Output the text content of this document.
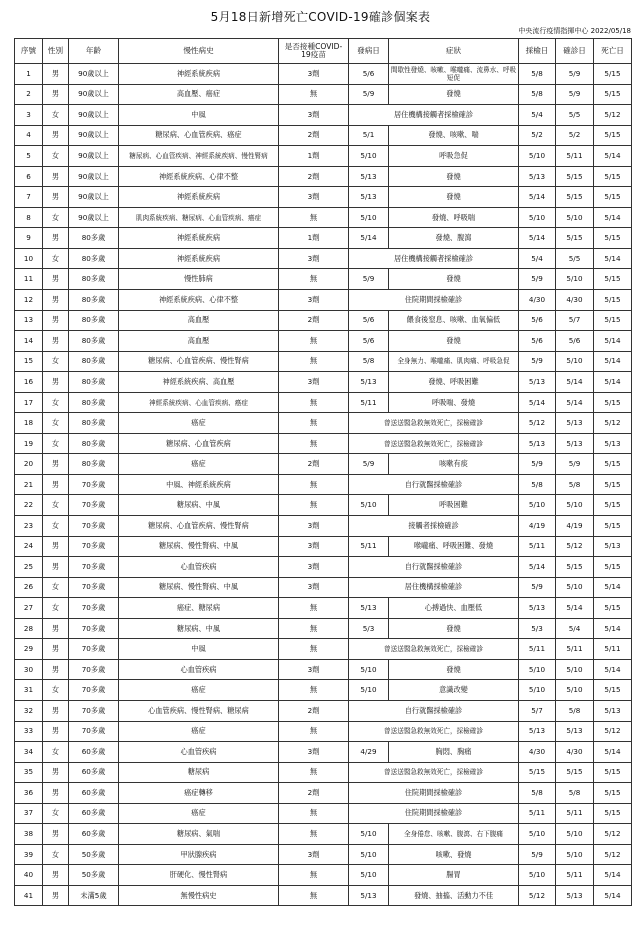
5月18日新增死亡COVID-19確診個案表
中央流行疫情指揮中心 2022/05/18
序號	性別	年齡	慢性病史	是否接種COVID-19疫苗	發病日	症狀	採檢日	確診日	死亡日
1	男	90歲以上	神經系統疾病	3劑	5/6	間歇性發燒、咳嗽、喉嚨痛、流鼻水、呼吸短促	5/8	5/9	5/15
2	男	90歲以上	高血壓、癌症	無	5/9	發燒	5/8	5/9	5/15
3	女	90歲以上	中風	3劑	居住機構接觸者採檢確診		5/4	5/5	5/12
4	男	90歲以上	糖尿病、心血管疾病、癌症	2劑	5/1	發燒、咳嗽、喘	5/2	5/2	5/15
5	女	90歲以上	糖尿病、心血管疾病、神經系統疾病、慢性腎病	1劑	5/10	呼吸急促	5/10	5/11	5/14
6	男	90歲以上	神經系統疾病、心律不整	2劑	5/13	發燒	5/13	5/15	5/15
7	男	90歲以上	神經系統疾病	3劑	5/13	發燒	5/14	5/15	5/15
8	女	90歲以上	肌肉系統疾病、糖尿病、心血管疾病、癌症	無	5/10	發燒、呼吸喘	5/10	5/10	5/14
9	男	80多歲	神經系統疾病	1劑	5/14	發燒、腹瀉	5/14	5/15	5/15
10	女	80多歲	神經系統疾病	3劑	居住機構接觸者採檢確診		5/4	5/5	5/14
11	男	80多歲	慢性肺病	無	5/9	發燒	5/9	5/10	5/15
12	男	80多歲	神經系統疾病、心律不整	3劑	住院期間採檢確診		4/30	4/30	5/15
13	男	80多歲	高血壓	2劑	5/6	餵食後窒息、咳嗽、血氧偏低	5/6	5/7	5/15
14	男	80多歲	高血壓	無	5/6	發燒	5/6	5/6	5/14
15	女	80多歲	糖尿病、心血管疾病、慢性腎病	無	5/8	全身無力、喉嚨痛、肌肉痛、呼吸急促	5/9	5/10	5/14
16	男	80多歲	神經系統疾病、高血壓	3劑	5/13	發燒、呼吸困難	5/13	5/14	5/14
17	女	80多歲	神經系統疾病、心血管疾病、癌症	無	5/11	呼吸喘、發燒	5/14	5/14	5/15
18	女	80多歲	癌症	無	曾送送醫急救無效死亡，採檢確診		5/12	5/13	5/12
19	女	80多歲	糖尿病、心血管疾病	無	曾送送醫急救無效死亡，採檢確診		5/13	5/13	5/13
20	男	80多歲	癌症	2劑	5/9	咳嗽有痰	5/9	5/9	5/15
21	男	70多歲	中風、神經系統疾病	無	自行就醫採檢確診		5/8	5/8	5/15
22	女	70多歲	糖尿病、中風	無	5/10	呼吸困難	5/10	5/10	5/15
23	女	70多歲	糖尿病、心血管疾病、慢性腎病	3劑	接觸者採檢確診		4/19	4/19	5/15
24	男	70多歲	糖尿病、慢性腎病、中風	3劑	5/11	喉嚨痛、呼吸困難、發燒	5/11	5/12	5/13
25	男	70多歲	心血管疾病	3劑	自行就醫採檢確診		5/14	5/15	5/15
26	女	70多歲	糖尿病、慢性腎病、中風	3劑	居住機構採檢確診		5/9	5/10	5/14
27	女	70多歲	癌症、糖尿病	無	5/13	心搏過快、血壓低	5/13	5/14	5/15
28	男	70多歲	糖尿病、中風	無	5/3	發燒	5/3	5/4	5/14
29	男	70多歲	中風	無	曾送送醫急救無效死亡，採檢確診		5/11	5/11	5/11
30	男	70多歲	心血管疾病	3劑	5/10	發燒	5/10	5/10	5/14
31	女	70多歲	癌症	無	5/10	意識改變	5/10	5/10	5/15
32	男	70多歲	心血管疾病、慢性腎病、糖尿病	2劑	自行就醫採檢確診		5/7	5/8	5/13
33	男	70多歲	癌症	無	曾送送醫急救無效死亡，採檢確診		5/13	5/13	5/12
34	女	60多歲	心血管疾病	3劑	4/29	胸悶、胸痛	4/30	4/30	5/14
35	男	60多歲	糖尿病	無	曾送送醫急救無效死亡，採檢確診		5/15	5/15	5/15
36	男	60多歲	癌症轉移	2劑	住院期間採檢確診		5/8	5/8	5/15
37	女	60多歲	癌症	無	住院期間採檢確診		5/11	5/11	5/15
38	男	60多歲	糖尿病、氣喘	無	5/10	全身倦怠、咳嗽、腹瀉、右下腹痛	5/10	5/10	5/12
39	女	50多歲	甲狀腺疾病	3劑	5/10	咳嗽、發燒	5/9	5/10	5/12
40	男	50多歲	肝硬化、慢性腎病	無	5/10	腸胃	5/10	5/11	5/14
41	男	未滿5歲	無慢性病史	無	5/13	發燒、抽搐、活動力不佳	5/12	5/13	5/14
